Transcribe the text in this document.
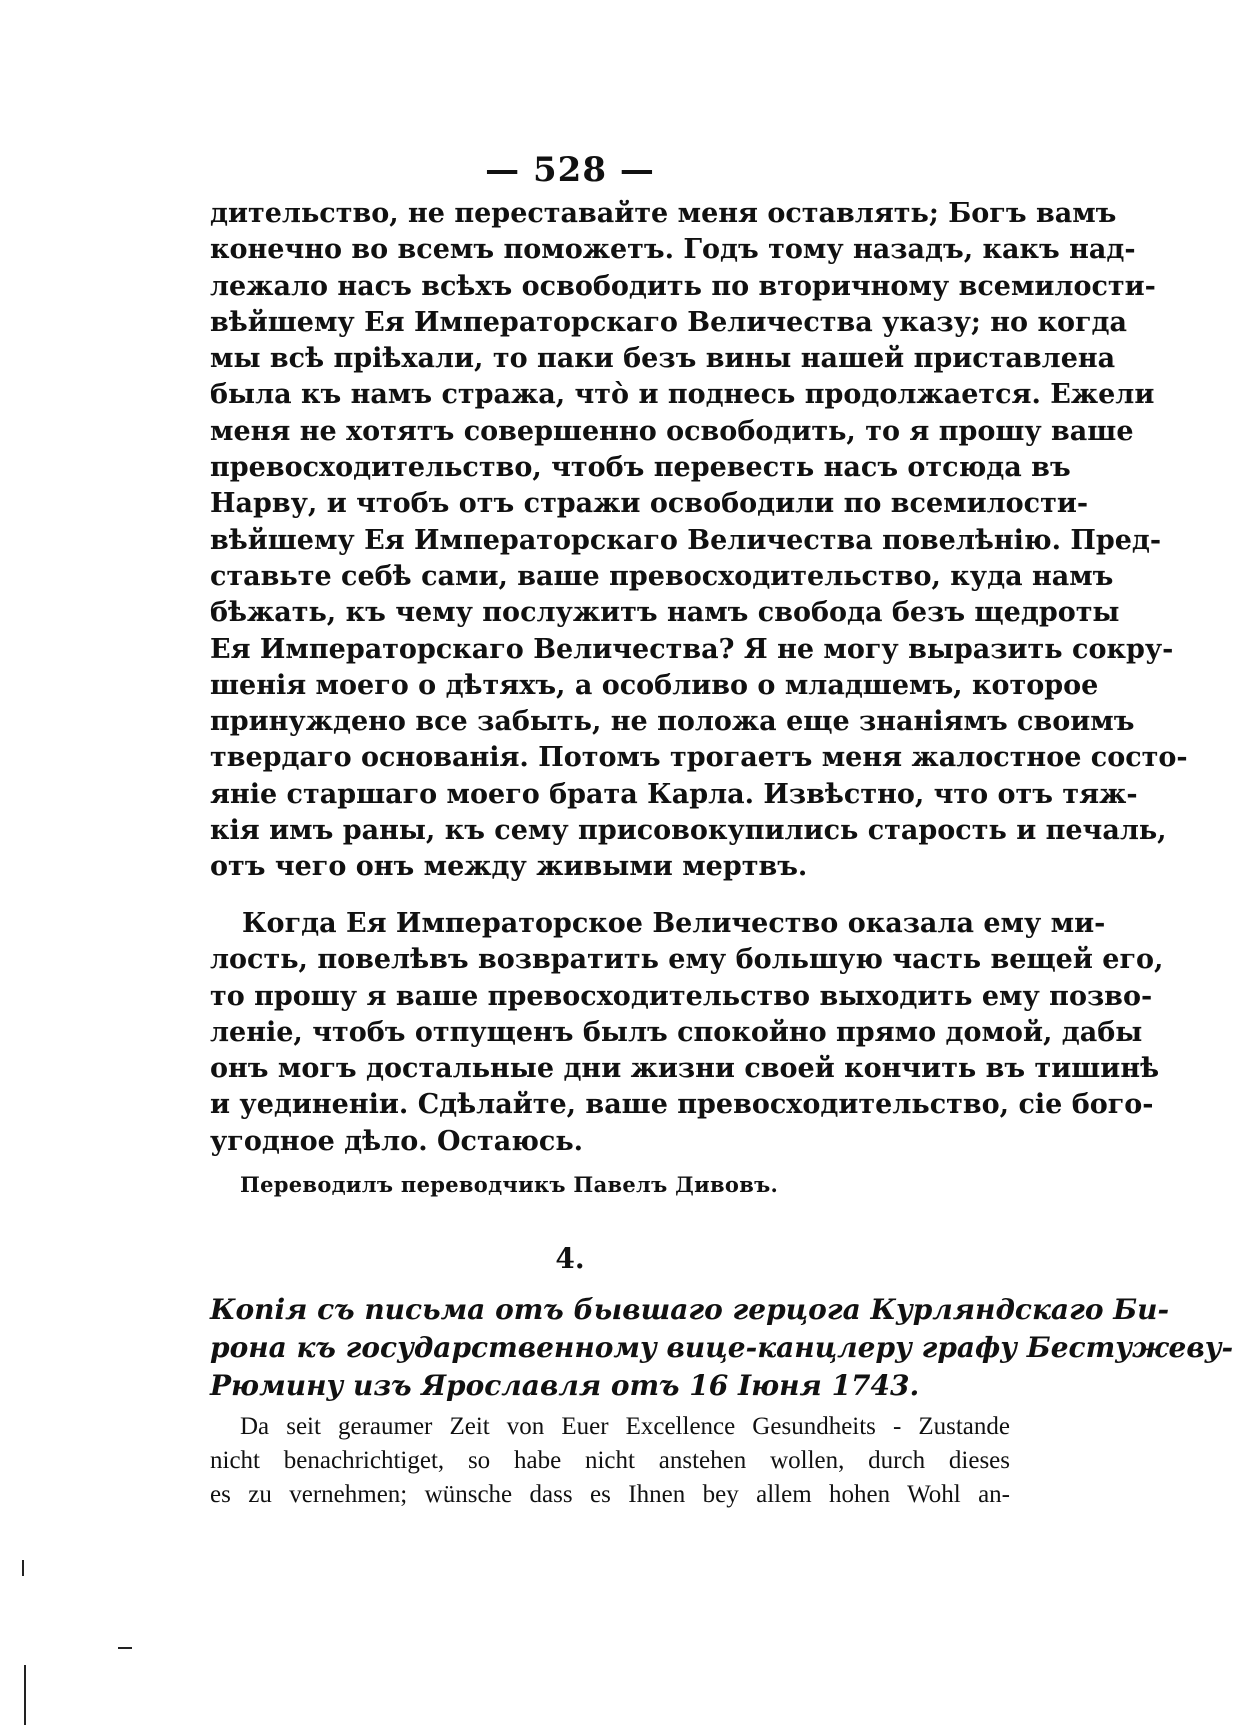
— 528 —
дительство, не переставайте меня оставлять; Богъ вамъ
конечно во всемъ поможетъ. Годъ тому назадъ, какъ над-
лежало насъ всѣхъ освободить по вторичному всемилости-
вѣйшему Ея Императорскаго Величества указу; но когда
мы всѣ пріѣхали, то паки безъ вины нашей приставлена
была къ намъ стража, что̀ и поднесь продолжается. Ежели
меня не хотятъ совершенно освободить, то я прошу ваше
превосходительство, чтобъ перевесть насъ отсюда въ
Нарву, и чтобъ отъ стражи освободили по всемилости-
вѣйшему Ея Императорскаго Величества повелѣнію. Пред-
ставьте себѣ сами, ваше превосходительство, куда намъ
бѣжать, къ чему послужитъ намъ свобода безъ щедроты
Ея Императорскаго Величества? Я не могу выразить сокру-
шенія моего о дѣтяхъ, а особливо о младшемъ, которое
принуждено все забыть, не положа еще знаніямъ своимъ
твердаго основанія. Потомъ трогаетъ меня жалостное состо-
яніе старшаго моего брата Карла. Извѣстно, что отъ тяж-
кія имъ раны, къ сему присовокупились старость и печаль,
отъ чего онъ между живыми мертвъ.
Когда Ея Императорское Величество оказала ему ми-
лость, повелѣвъ возвратить ему большую часть вещей его,
то прошу я ваше превосходительство выходить ему позво-
леніе, чтобъ отпущенъ былъ спокойно прямо домой, дабы
онъ могъ достальные дни жизни своей кончить въ тишинѣ
и уединеніи. Сдѣлайте, ваше превосходительство, сіе бого-
угодное дѣло. Остаюсь.
Переводилъ переводчикъ Павелъ Дивовъ.
4.
Копія съ письма отъ бывшаго герцога Курляндскаго Би-
рона къ государственному вице-канцлеру графу Бестужеву-
Рюмину изъ Ярославля отъ 16 Іюня 1743.
Da seit geraumer Zeit von Euer Excellence Gesundheits - Zustande
nicht benachrichtiget, so habe nicht anstehen wollen, durch dieses
es zu vernehmen; wünsche dass es Ihnen bey allem hohen Wohl an-
